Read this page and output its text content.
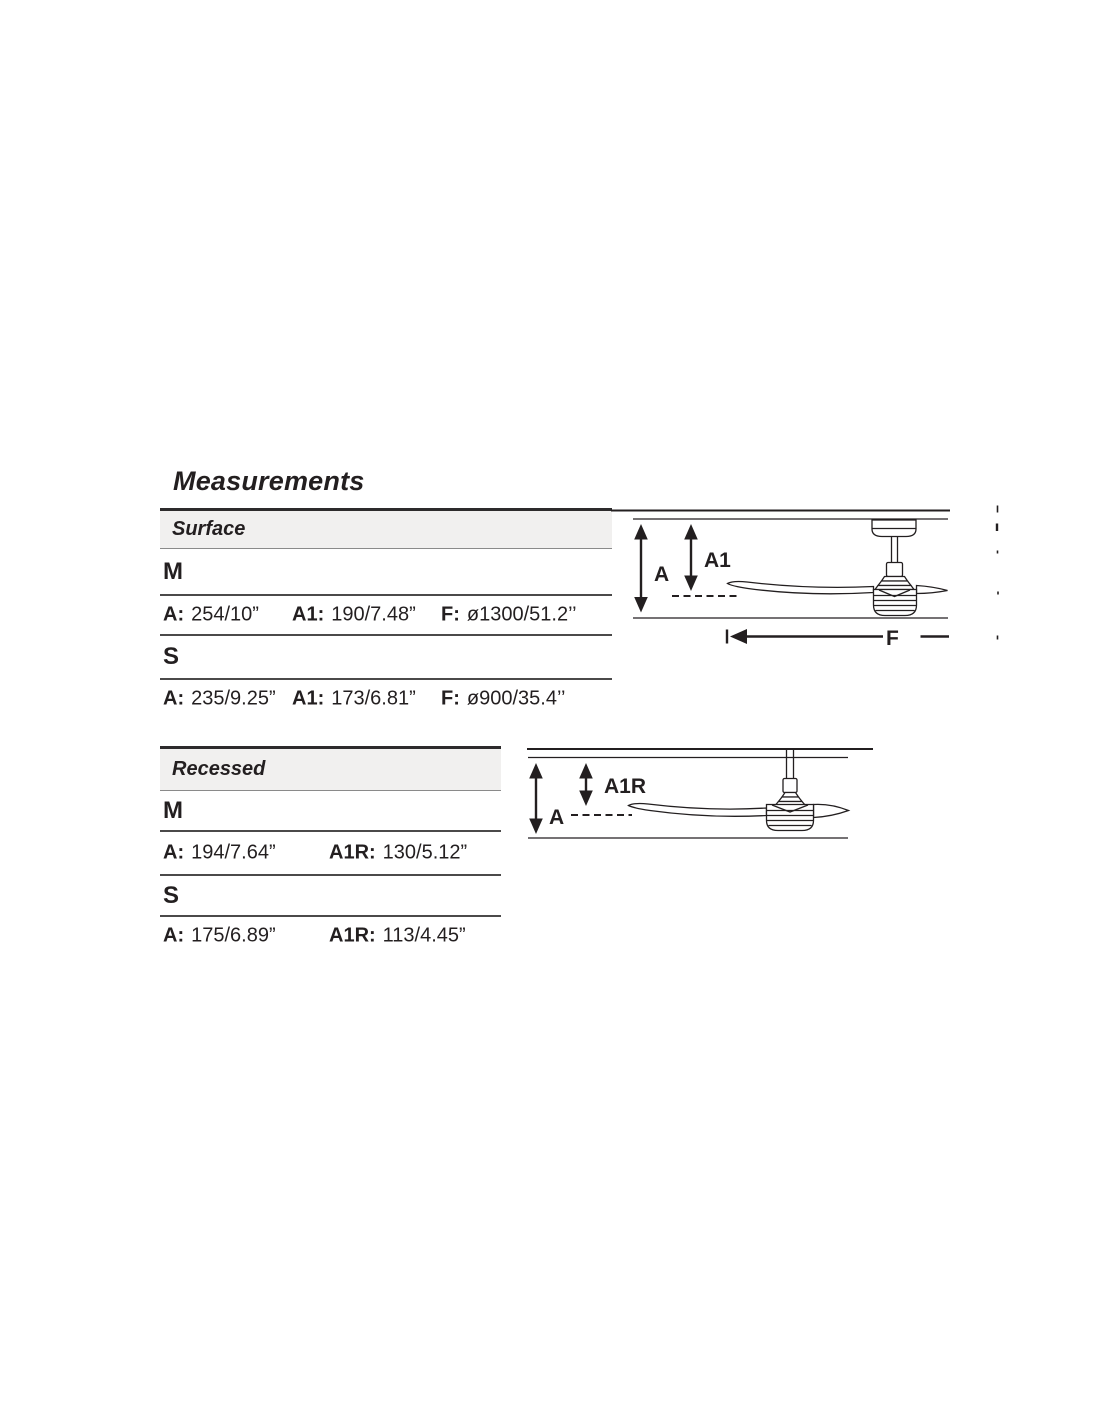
Measurements
Surface
M
A: 254/10” A1: 190/7.48” F: ø1300/51.2’’
S
A: 235/9.25” A1: 173/6.81” F: ø900/35.4’’
A
A1
F
Recessed
M
A: 194/7.64”	A1R: 130/5.12”
S
A: 175/6.89”	A1R: 113/4.45”
A
A1R
